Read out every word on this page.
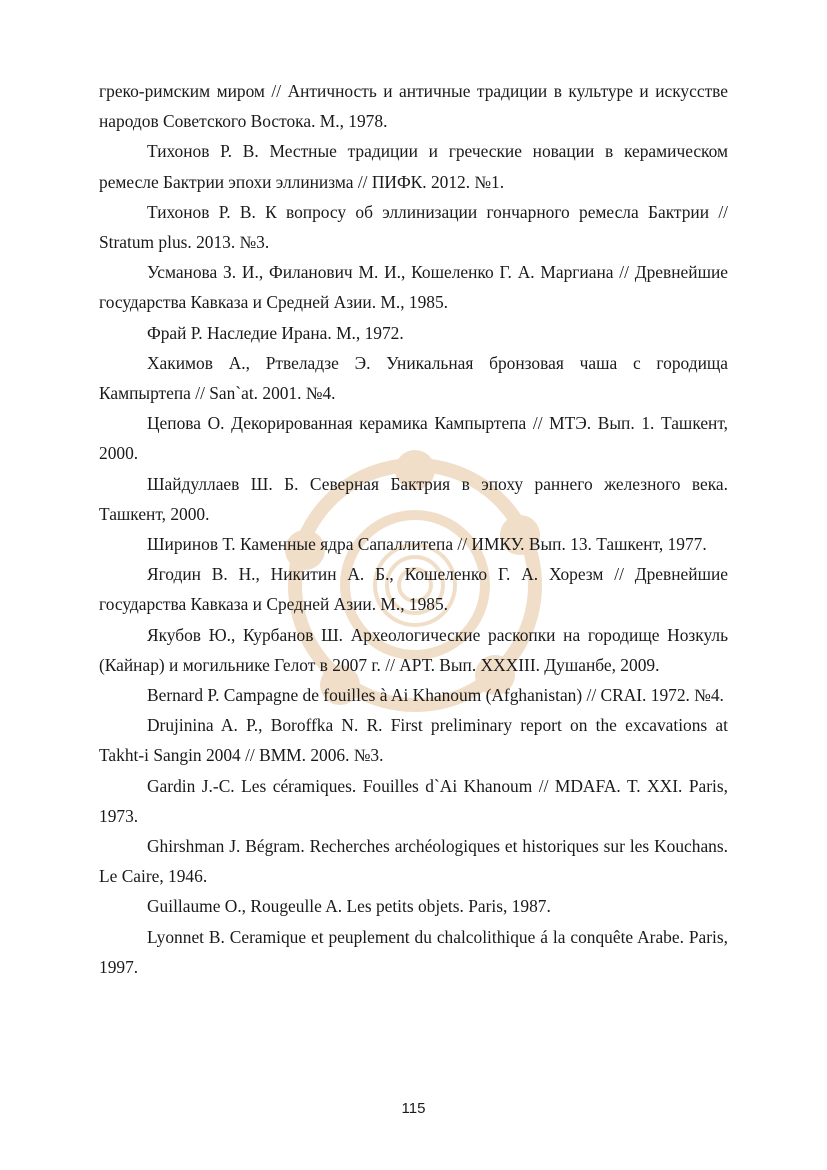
греко-римским миром // Античность и античные традиции в культуре и искусстве народов Советского Востока. М., 1978.

Тихонов Р. В. Местные традиции и греческие новации в керамическом ремесле Бактрии эпохи эллинизма // ПИФК. 2012. №1.

Тихонов Р. В. К вопросу об эллинизации гончарного ремесла Бактрии // Stratum plus. 2013. №3.

Усманова З. И., Филанович М. И., Кошеленко Г. А. Маргиана // Древнейшие государства Кавказа и Средней Азии. М., 1985.

Фрай Р. Наследие Ирана. М., 1972.

Хакимов А., Ртвеладзе Э. Уникальная бронзовая чаша с городища Кампыртепа // San`at. 2001. №4.

Цепова О. Декорированная керамика Кампыртепа // МТЭ. Вып. 1. Ташкент, 2000.

Шайдуллаев Ш. Б. Северная Бактрия в эпоху раннего железного века. Ташкент, 2000.

Ширинов Т. Каменные ядра Сапаллитепа // ИМКУ. Вып. 13. Ташкент, 1977.

Ягодин В. Н., Никитин А. Б., Кошеленко Г. А. Хорезм // Древнейшие государства Кавказа и Средней Азии. М., 1985.

Якубов Ю., Курбанов Ш. Археологические раскопки на городище Нозкуль (Кайнар) и могильнике Гелот в 2007 г. // АРТ. Вып. XXXIII. Душанбе, 2009.

Bernard P. Campagne de fouilles à Ai Khanoum (Afghanistan) // CRAI. 1972. №4.

Drujinina A. P., Boroffka N. R. First preliminary report on the excavations at Takht-i Sangin 2004 // BMM. 2006. №3.

Gardin J.-C. Les céramiques. Fouilles d`Ai Khanoum // MDAFA. T. XXI. Paris, 1973.

Ghirshman J. Bégram. Recherches archéologiques et historiques sur les Kouchans. Le Caire, 1946.

Guillaume O., Rougeulle A. Les petits objets. Paris, 1987.

Lyonnet B. Ceramique et peuplement du chalcolithique á la conquête Arabe. Paris, 1997.

115
